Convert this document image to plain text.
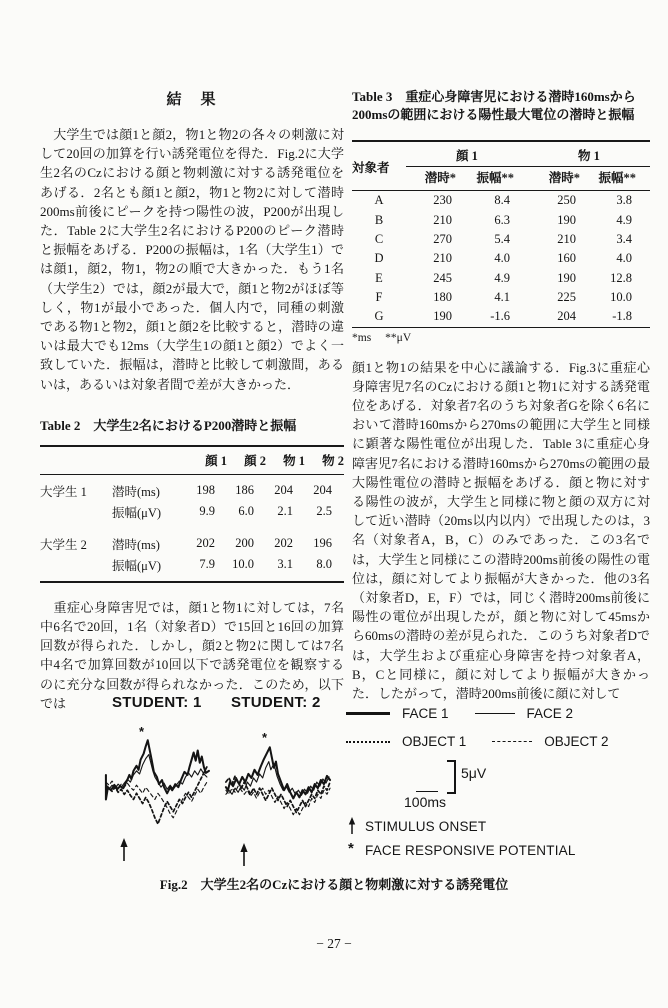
結　果

　大学生では顔1と顔2，物1と物2の各々の刺激に対して20回の加算を行い誘発電位を得た．Fig.2に大学生2名のCzにおける顔と物刺激に対する誘発電位をあげる．2名とも顔1と顔2，物1と物2に対して潜時200ms前後にピークを持つ陽性の波，P200が出現した．Table 2に大学生2名におけるP200のピーク潜時と振幅をあげる．P200の振幅は，1名（大学生1）では顔1，顔2，物1，物2の順で大きかった．もう1名（大学生2）では，顔2が最大で，顔1と物2がほぼ等しく，物1が最小であった．個人内で，同種の刺激である物1と物2，顔1と顔2を比較すると，潜時の違いは最大でも12ms（大学生1の顔1と顔2）でよく一致していた．振幅は，潜時と比較して刺激間，あるいは，あるいは対象者間で差が大きかった．

Table 2　大学生2名におけるP200潜時と振幅

		顔 1	顔 2	物 1	物 2
大学生 1	潜時(ms)	198	186	204	204
	振幅(μV)	9.9	6.0	2.1	2.5
大学生 2	潜時(ms)	202	200	202	196
	振幅(μV)	7.9	10.0	3.1	8.0

　重症心身障害児では，顔1と物1に対しては，7名中6名で20回，1名（対象者D）で15回と16回の加算回数が得られた．しかし，顔2と物2に関しては7名中4名で加算回数が10回以下で誘発電位を観察するのに充分な回数が得られなかった．このため，以下では

Table 3　重症心身障害児における潜時160msから200msの範囲における陽性最大電位の潜時と振幅

対象者	顔 1		物 1	
	潜時*	振幅**	潜時*	振幅**
A	230	8.4	250	3.8
B	210	6.3	190	4.9
C	270	5.4	210	3.4
D	210	4.0	160	4.0
E	245	4.9	190	12.8
F	180	4.1	225	10.0
G	190	-1.6	204	-1.8

*ms **μV

顔1と物1の結果を中心に議論する．Fig.3に重症心身障害児7名のCzにおける顔1と物1に対する誘発電位をあげる．対象者7名のうち対象者Gを除く6名において潜時160msから270msの範囲に大学生と同様に顕著な陽性電位が出現した．Table 3に重症心身障害児7名における潜時160msから270msの範囲の最大陽性電位の潜時と振幅をあげる．顔と物に対する陽性の波が，大学生と同様に物と顔の双方に対して近い潜時（20ms以内以内）で出現したのは，3名（対象者A，B，C）のみであった．この3名では，大学生と同様にこの潜時200ms前後の陽性の電位は，顔に対してより振幅が大きかった．他の3名（対象者D，E，F）では，同じく潜時200ms前後に陽性の電位が出現したが，顔と物に対して45msから60msの潜時の差が見られた．このうち対象者Dでは，大学生および重症心身障害を持つ対象者A，B，Cと同様に，顔に対してより振幅が大きかった．したがって，潜時200ms前後に顔に対して

STUDENT: 1 STUDENT: 2
*	*
FACE 1	FACE 2
OBJECT 1	OBJECT 2
5μV
100ms
STIMULUS ONSET
* FACE RESPONSIVE POTENTIAL
Fig.2　大学生2名のCzにおける顔と物刺激に対する誘発電位
− 27 −
